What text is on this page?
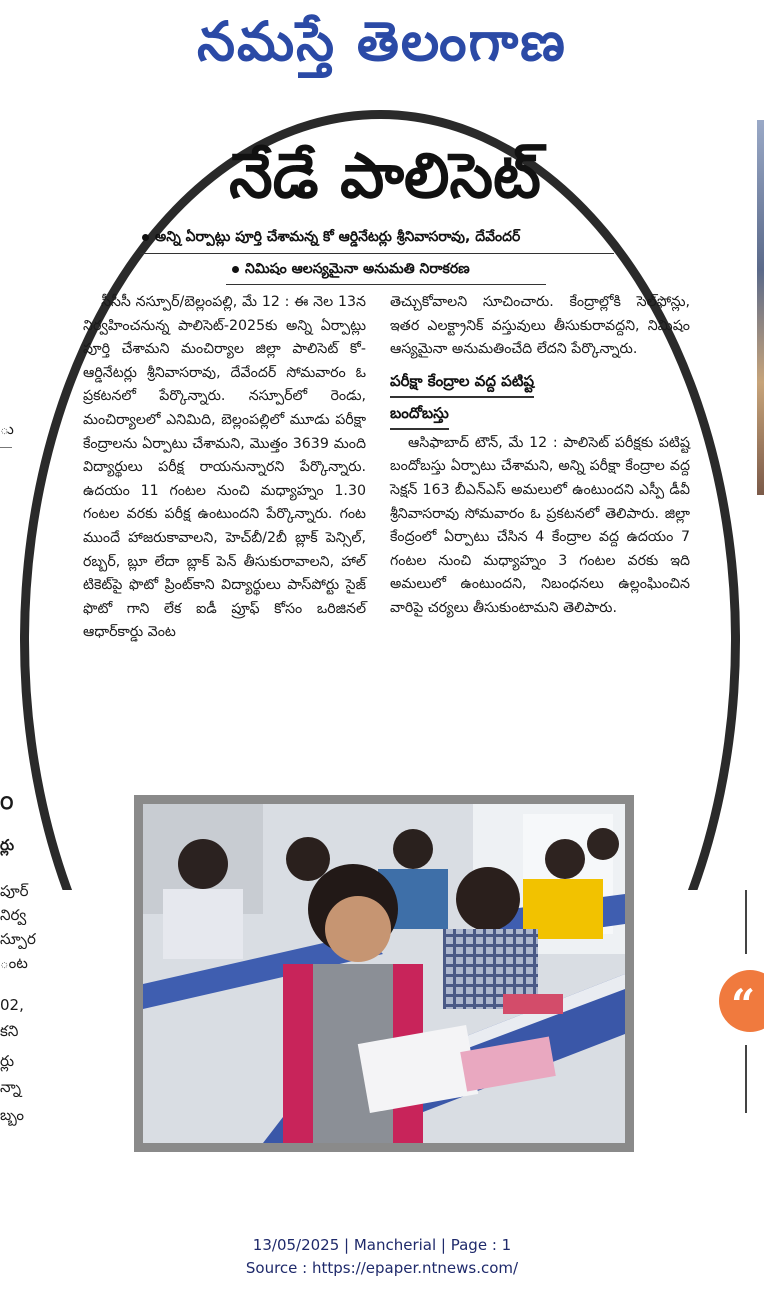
నమస్తే తెలంగాణ
ు
౦
ర్లు
పూర్
నిర్వ
స్పూర
ంట
02,
కని
ర్లు
న్నా
బ్బం
“
నేడే పాలిసెట్
అన్ని ఏర్పాట్లు పూర్తి చేశామన్న కో ఆర్డినేటర్లు శ్రీనివాసరావు, దేవేందర్
నిమిషం ఆలస్యమైనా అనుమతి నిరాకరణ

సీసీసీ నస్పూర్/బెల్లంపల్లి, మే 12 : ఈ నెల 13న నిర్వహించనున్న పాలిసెట్-2025కు అన్ని ఏర్పాట్లు పూర్తి చేశామని మంచిర్యాల జిల్లా పాలిసెట్ కో-ఆర్డినేటర్లు శ్రీనివాసరావు, దేవేందర్ సోమవారం ఓ ప్రకటనలో పేర్కొన్నారు. నస్పూర్‌లో రెండు, మంచిర్యాలలో ఎనిమిది, బెల్లంపల్లిలో మూడు పరీక్షా కేంద్రాలను ఏర్పాటు చేశామని, మొత్తం 3639 మంది విద్యార్థులు పరీక్ష రాయనున్నారని పేర్కొన్నారు. ఉదయం 11 గంటల నుంచి మధ్యాహ్నం 1.30 గంటల వరకు పరీక్ష ఉంటుందని పేర్కొన్నారు. గంట ముందే హాజరుకావాలని, హెచ్‌బీ/2బీ బ్లాక్ పెన్సిల్, రబ్బర్, బ్లూ లేదా బ్లాక్ పెన్ తీసుకురావాలని, హాల్ టికెట్‌పై ఫొటో ప్రింట్‌కాని విద్యార్థులు పాస్‌పోర్టు సైజ్ ఫొటో గాని లేక ఐడీ ప్రూఫ్ కోసం ఒరిజినల్ ఆధార్‌కార్డు వెంట

తెచ్చుకోవాలని సూచించారు. కేంద్రాల్లోకి సెల్‌ఫోన్లు, ఇతర ఎలక్ట్రానిక్ వస్తువులు తీసుకురావద్దని, నిమిషం ఆస్యమైనా అనుమతించేది లేదని పేర్కొన్నారు.

పరీక్షా కేంద్రాల వద్ద పటిష్ట
బందోబస్తు

ఆసిఫాబాద్ టౌన్, మే 12 : పాలిసెట్ పరీక్షకు పటిష్ట బందోబస్తు ఏర్పాటు చేశామని, అన్ని పరీక్షా కేంద్రాల వద్ద సెక్షన్ 163 బీఎన్ఎస్ అమలులో ఉంటుందని ఎస్పీ డీవీ శ్రీనివాసరావు సోమవారం ఓ ప్రకటనలో తెలిపారు. జిల్లా కేంద్రంలో ఏర్పాటు చేసిన 4 కేంద్రాల వద్ద ఉదయం 7 గంటల నుంచి మధ్యాహ్నం 3 గంటల వరకు ఇది అమలులో ఉంటుందని, నిబంధనలు ఉల్లంఘించిన వారిపై చర్యలు తీసుకుంటామని తెలిపారు.

13/05/2025 | Mancherial | Page : 1
Source : https://epaper.ntnews.com/
